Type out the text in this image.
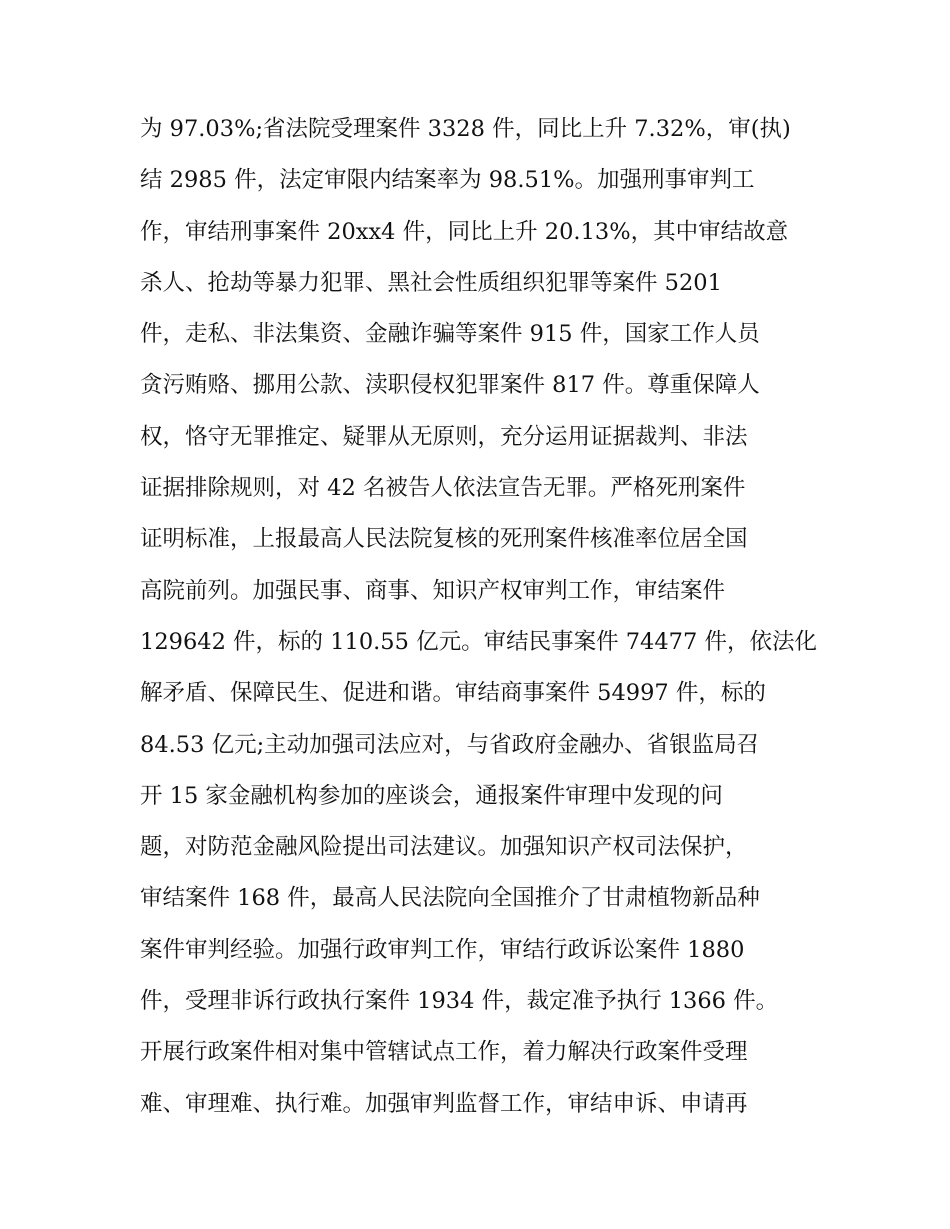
为 97.03%;省法院受理案件 3328 件，同比上升 7.32%，审(执)

结 2985 件，法定审限内结案率为 98.51%。加强刑事审判工

作，审结刑事案件 20xx4 件，同比上升 20.13%，其中审结故意

杀人、抢劫等暴力犯罪、黑社会性质组织犯罪等案件 5201

件，走私、非法集资、金融诈骗等案件 915 件，国家工作人员

贪污贿赂、挪用公款、渎职侵权犯罪案件 817 件。尊重保障人

权，恪守无罪推定、疑罪从无原则，充分运用证据裁判、非法

证据排除规则，对 42 名被告人依法宣告无罪。严格死刑案件

证明标准，上报最高人民法院复核的死刑案件核准率位居全国

高院前列。加强民事、商事、知识产权审判工作，审结案件

129642 件，标的 110.55 亿元。审结民事案件 74477 件，依法化

解矛盾、保障民生、促进和谐。审结商事案件 54997 件，标的

84.53 亿元;主动加强司法应对，与省政府金融办、省银监局召

开 15 家金融机构参加的座谈会，通报案件审理中发现的问

题，对防范金融风险提出司法建议。加强知识产权司法保护，

审结案件 168 件，最高人民法院向全国推介了甘肃植物新品种

案件审判经验。加强行政审判工作，审结行政诉讼案件 1880

件，受理非诉行政执行案件 1934 件，裁定准予执行 1366 件。

开展行政案件相对集中管辖试点工作，着力解决行政案件受理

难、审理难、执行难。加强审判监督工作，审结申诉、申请再
